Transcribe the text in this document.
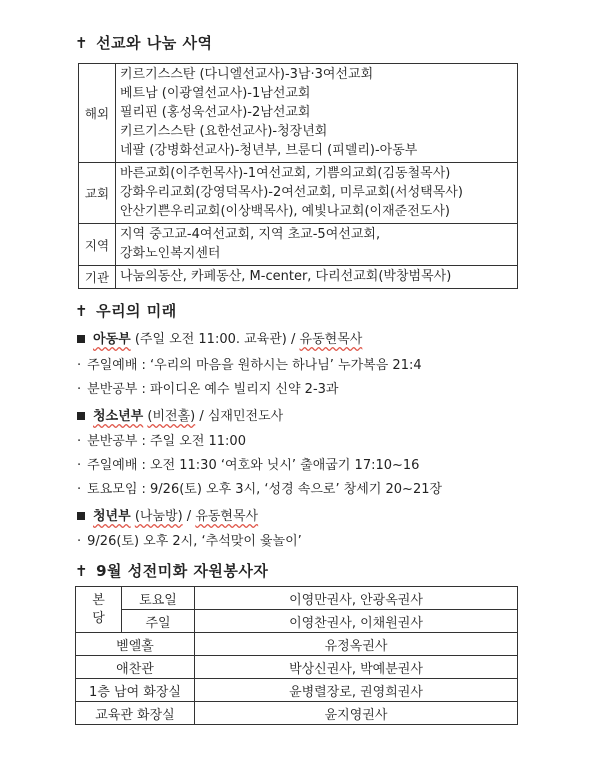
✝ 선교와 나눔 사역
해외	키르기스스탄 (다니엘선교사)-3남·3여선교회
베트남 (이광열선교사)-1남선교회
필리핀 (홍성욱선교사)-2남선교회
키르기스스탄 (요한선교사)-청장년회
네팔 (강병화선교사)-청년부, 브룬디 (피델리)-아동부

교회	바른교회(이주헌목사)-1여선교회, 기쁨의교회(김동철목사)
강화우리교회(강영덕목사)-2여선교회, 미루교회(서성택목사)
안산기쁜우리교회(이상백목사), 예빛나교회(이재준전도사)

지역	지역 중고교-4여선교회, 지역 초교-5여선교회,
강화노인복지센터

기관	나눔의동산, 카페동산, M-center, 다리선교회(박창범목사)
✝ 우리의 미래
아동부 (주일 오전 11:00. 교육관) / 유동현목사
· 주일예배 : ‘우리의 마음을 원하시는 하나님’ 누가복음 21:4
· 분반공부 : 파이디온 예수 빌리지 신약 2-3과
청소년부 (비전홀) / 심재민전도사
· 분반공부 : 주일 오전 11:00
· 주일예배 : 오전 11:30 ‘여호와 닛시’ 출애굽기 17:10~16
· 토요모임 : 9/26(토) 오후 3시, ‘성경 속으로’ 창세기 20~21장
청년부 (나눔방) / 유동현목사
· 9/26(토) 오후 2시, ‘추석맞이 윷놀이’
✝ 9월 성전미화 자원봉사자
본
당	토요일	이영만권사, 안광옥권사
	주일	이영찬권사, 이채원권사
벧엘홀		유정옥권사
애찬관		박상신권사, 박예분권사
1층 남여 화장실		윤병렬장로, 권영희권사
교육관 화장실		윤지영권사
